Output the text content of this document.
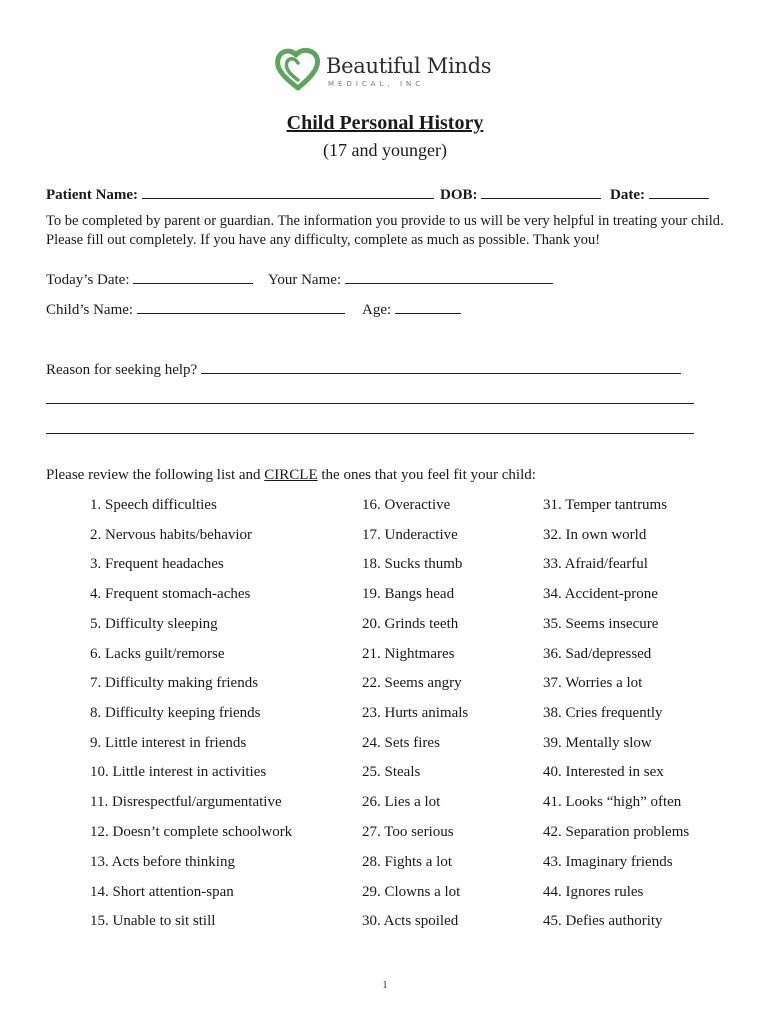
Beautiful Minds
MEDICAL, INC
Child Personal History
(17 and younger)
Patient Name:	DOB:	Date:
To be completed by parent or guardian. The information you provide to us will be very helpful in treating your child. Please fill out completely. If you have any difficulty, complete as much as possible. Thank you!
Today’s Date:	Your Name:
Child’s Name:	Age:
Reason for seeking help?
Please review the following list and CIRCLE the ones that you feel fit your child:
1. Speech difficulties
2. Nervous habits/behavior
3. Frequent headaches
4. Frequent stomach-aches
5. Difficulty sleeping
6. Lacks guilt/remorse
7. Difficulty making friends
8. Difficulty keeping friends
9. Little interest in friends
10. Little interest in activities
11. Disrespectful/argumentative
12. Doesn’t complete schoolwork
13. Acts before thinking
14. Short attention-span
15. Unable to sit still
16. Overactive
17. Underactive
18. Sucks thumb
19. Bangs head
20. Grinds teeth
21. Nightmares
22. Seems angry
23. Hurts animals
24. Sets fires
25. Steals
26. Lies a lot
27. Too serious
28. Fights a lot
29. Clowns a lot
30. Acts spoiled
31. Temper tantrums
32. In own world
33. Afraid/fearful
34. Accident-prone
35. Seems insecure
36. Sad/depressed
37. Worries a lot
38. Cries frequently
39. Mentally slow
40. Interested in sex
41. Looks “high” often
42. Separation problems
43. Imaginary friends
44. Ignores rules
45. Defies authority
1
